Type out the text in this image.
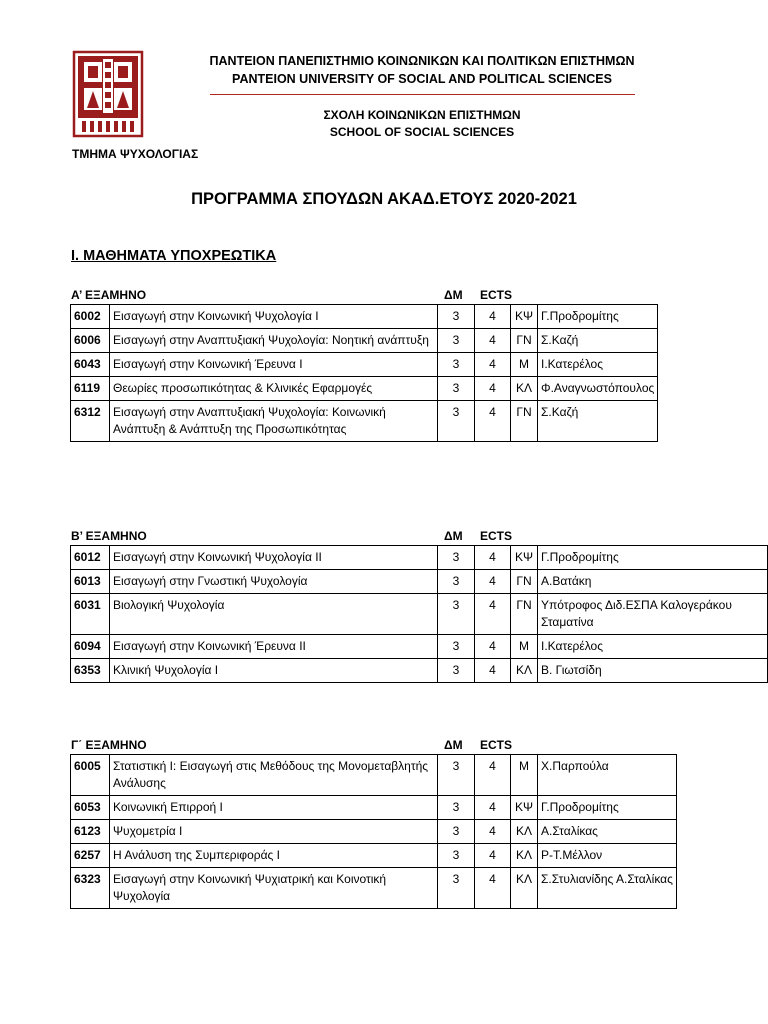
ΠΑΝΤΕΙΟΝ ΠΑΝΕΠΙΣΤΗΜΙΟ ΚΟΙΝΩΝΙΚΩΝ ΚΑΙ ΠΟΛΙΤΙΚΩΝ ΕΠΙΣΤΗΜΩΝ
PANTEION UNIVERSITY OF SOCIAL AND POLITICAL SCIENCES
ΣΧΟΛΗ ΚΟΙΝΩΝΙΚΩΝ ΕΠΙΣΤΗΜΩΝ
SCHOOL OF SOCIAL SCIENCES
ΤΜΗΜΑ ΨΥΧΟΛΟΓΙΑΣ
ΠΡΟΓΡΑΜΜΑ ΣΠΟΥΔΩΝ ΑΚΑΔ.ΕΤΟΥΣ 2020-2021
Ι. ΜΑΘΗΜΑΤΑ ΥΠΟΧΡΕΩΤΙΚΑ
Α’ ΕΞΑΜΗΝΟ	ΔΜ ECTS
6002	Εισαγωγή στην Κοινωνική Ψυχολογία Ι	3	4	ΚΨ	Γ.Προδρομίτης
6006	Εισαγωγή στην Αναπτυξιακή Ψυχολογία: Νοητική ανάπτυξη	3	4	ΓΝ	Σ.Καζή
6043	Εισαγωγή στην Κοινωνική Έρευνα Ι	3	4	Μ	Ι.Κατερέλος
6119	Θεωρίες προσωπικότητας & Κλινικές Εφαρμογές	3	4	ΚΛ	Φ.Αναγνωστόπουλος
6312	Εισαγωγή στην Αναπτυξιακή Ψυχολογία: Κοινωνική Ανάπτυξη & Ανάπτυξη της Προσωπικότητας	3	4	ΓΝ	Σ.Καζή
Β’ ΕΞΑΜΗΝΟ	ΔΜ ECTS
6012	Εισαγωγή στην Κοινωνική Ψυχολογία ΙΙ	3	4	ΚΨ	Γ.Προδρομίτης
6013	Εισαγωγή στην Γνωστική Ψυχολογία	3	4	ΓΝ	Α.Βατάκη
6031	Βιολογική Ψυχολογία	3	4	ΓΝ	Υπότροφος Διδ.ΕΣΠΑ Καλογεράκου Σταματίνα
6094	Εισαγωγή στην Κοινωνική Έρευνα ΙΙ	3	4	Μ	Ι.Κατερέλος
6353	Κλινική Ψυχολογία Ι	3	4	ΚΛ	Β. Γιωτσίδη
Γ΄ ΕΞΑΜΗΝΟ	ΔΜ ECTS
6005	Στατιστική Ι: Εισαγωγή στις Μεθόδους της Μονομεταβλητής Ανάλυσης	3	4	Μ	Χ.Παρπούλα
6053	Κοινωνική Επιρροή Ι	3	4	ΚΨ	Γ.Προδρομίτης
6123	Ψυχομετρία Ι	3	4	ΚΛ	Α.Σταλίκας
6257	Η Ανάλυση της Συμπεριφοράς Ι	3	4	ΚΛ	Ρ-Τ.Μέλλον
6323	Εισαγωγή στην Κοινωνική Ψυχιατρική και Κοινοτική Ψυχολογία	3	4	ΚΛ	Σ.Στυλιανίδης Α.Σταλίκας
